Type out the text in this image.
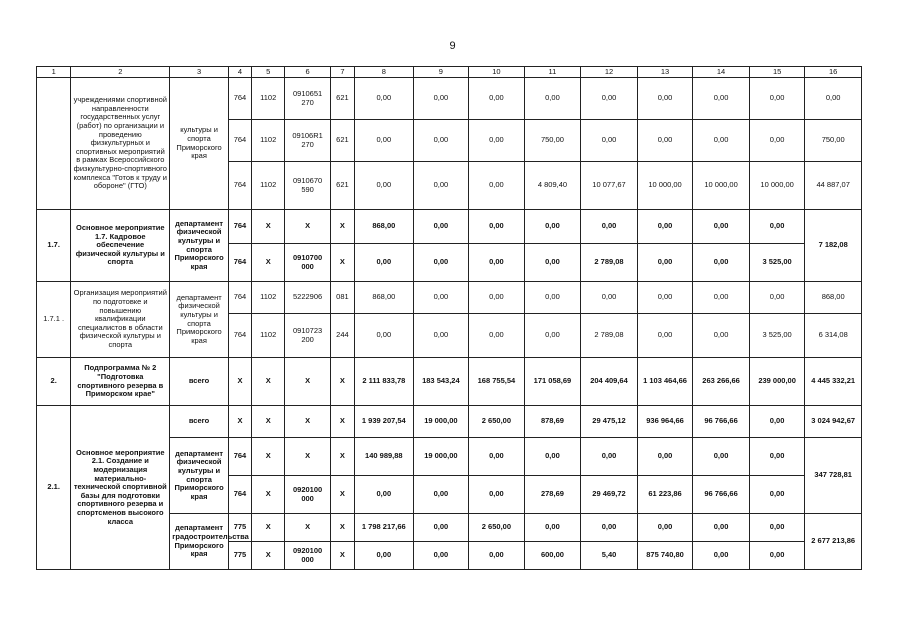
9
1	2	3	4	5	6	7	8	9	10	11	12	13	14	15	16
	учреждениями спортивной направленности государственных услуг (работ) по организации и проведению физкультурных и спортивных мероприятий в рамках Всероссийского физкультурно-спортивного комплекса "Готов к труду и обороне" (ГТО)	культуры и спорта Приморского края	764	1102	0910651 270	621	0,00	0,00	0,00	0,00	0,00	0,00	0,00	0,00	0,00
			764	1102	09106R1 270	621	0,00	0,00	0,00	750,00	0,00	0,00	0,00	0,00	750,00
			764	1102	0910670 590	621	0,00	0,00	0,00	4 809,40	10 077,67	10 000,00	10 000,00	10 000,00	44 887,07
1.7.	Основное мероприятие 1.7. Кадровое обеспечение физической культуры и спорта	департамент физической культуры и спорта Приморского края	764	X	X	X	868,00	0,00	0,00	0,00	0,00	0,00	0,00	0,00	7 182,08
			764	X	0910700 000	X	0,00	0,00	0,00	0,00	2 789,08	0,00	0,00	3 525,00	
1.7.1 .	Организация мероприятий по подготовке и повышению квалификации специалистов в области физической культуры и спорта	департамент физической культуры и спорта Приморского края	764	1102	5222906	081	868,00	0,00	0,00	0,00	0,00	0,00	0,00	0,00	868,00
			764	1102	0910723 200	244	0,00	0,00	0,00	0,00	2 789,08	0,00	0,00	3 525,00	6 314,08
2.	Подпрограмма № 2 "Подготовка спортивного резерва в Приморском крае"	всего	X	X	X	X	2 111 833,78	183 543,24	168 755,54	171 058,69	204 409,64	1 103 464,66	263 266,66	239 000,00	4 445 332,21
2.1.	Основное мероприятие 2.1. Создание и модернизация материально-технической спортивной базы для подготовки спортивного резерва и спортсменов высокого класса	всего	X	X	X	X	1 939 207,54	19 000,00	2 650,00	878,69	29 475,12	936 964,66	96 766,66	0,00	3 024 942,67
		департамент физической культуры и спорта Приморского края	764	X	X	X	140 989,88	19 000,00	0,00	0,00	0,00	0,00	0,00	0,00	347 728,81
			764	X	0920100 000	X	0,00	0,00	0,00	278,69	29 469,72	61 223,86	96 766,66	0,00	
		департамент градостроительства Приморского края	775	X	X	X	1 798 217,66	0,00	2 650,00	0,00	0,00	0,00	0,00	0,00	2 677 213,86
			775	X	0920100 000	X	0,00	0,00	0,00	600,00	5,40	875 740,80	0,00	0,00	
